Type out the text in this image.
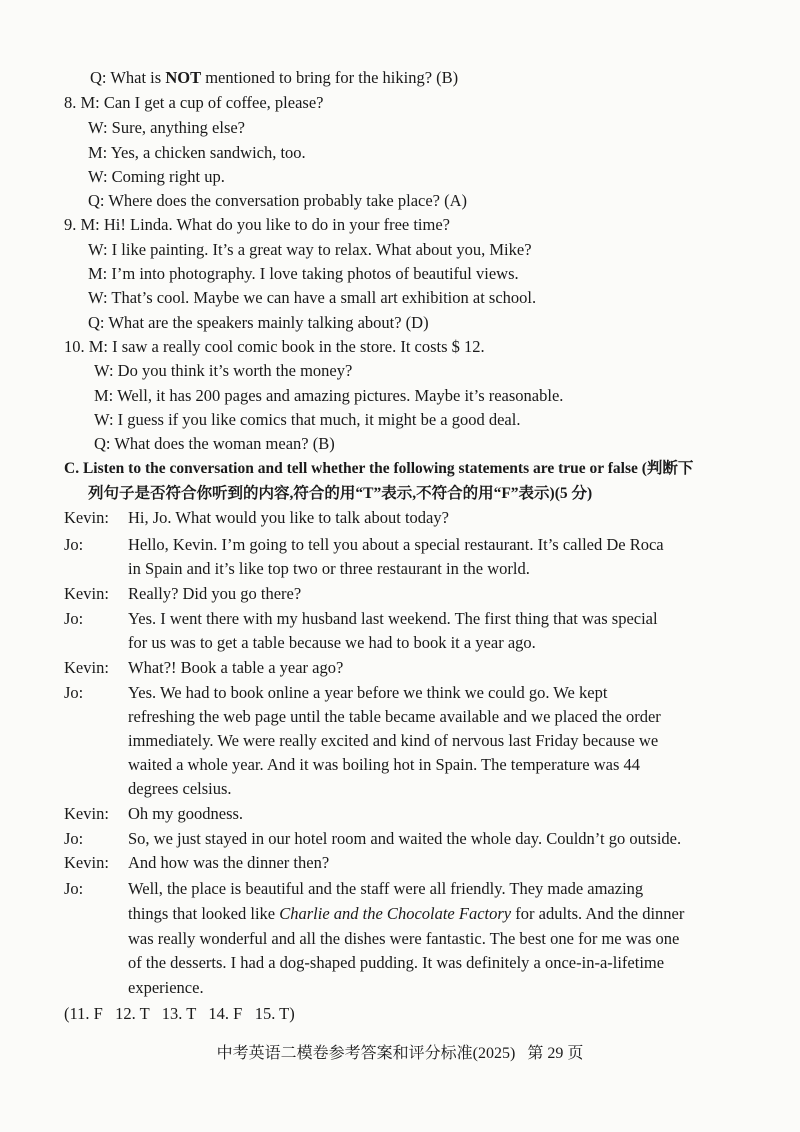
Q: What is NOT mentioned to bring for the hiking? (B)
8. M: Can I get a cup of coffee, please?
W: Sure, anything else?
M: Yes, a chicken sandwich, too.
W: Coming right up.
Q: Where does the conversation probably take place? (A)
9. M: Hi! Linda. What do you like to do in your free time?
W: I like painting. It’s a great way to relax. What about you, Mike?
M: I’m into photography. I love taking photos of beautiful views.
W: That’s cool. Maybe we can have a small art exhibition at school.
Q: What are the speakers mainly talking about? (D)
10. M: I saw a really cool comic book in the store. It costs $ 12.
W: Do you think it’s worth the money?
M: Well, it has 200 pages and amazing pictures. Maybe it’s reasonable.
W: I guess if you like comics that much, it might be a good deal.
Q: What does the woman mean? (B)
C. Listen to the conversation and tell whether the following statements are true or false (判断下
列句子是否符合你听到的内容,符合的用“T”表示,不符合的用“F”表示)(5 分)
Kevin: Hi, Jo. What would you like to talk about today?
Jo:	Hello, Kevin. I’m going to tell you about a special restaurant. It’s called De Roca
in Spain and it’s like top two or three restaurant in the world.
Kevin: Really? Did you go there?
Jo:	Yes. I went there with my husband last weekend. The first thing that was special
for us was to get a table because we had to book it a year ago.
Kevin: What?! Book a table a year ago?
Jo:	Yes. We had to book online a year before we think we could go. We kept
refreshing the web page until the table became available and we placed the order
immediately. We were really excited and kind of nervous last Friday because we
waited a whole year. And it was boiling hot in Spain. The temperature was 44
degrees celsius.
Kevin: Oh my goodness.
Jo:	So, we just stayed in our hotel room and waited the whole day. Couldn’t go outside.
Kevin: And how was the dinner then?
Jo:	Well, the place is beautiful and the staff were all friendly. They made amazing
things that looked like Charlie and the Chocolate Factory for adults. And the dinner
was really wonderful and all the dishes were fantastic. The best one for me was one
of the desserts. I had a dog-shaped pudding. It was definitely a once-in-a-lifetime
experience.
(11. F   12. T   13. T   14. F   15. T)
中考英语二模卷参考答案和评分标准(2025)   第 29 页
